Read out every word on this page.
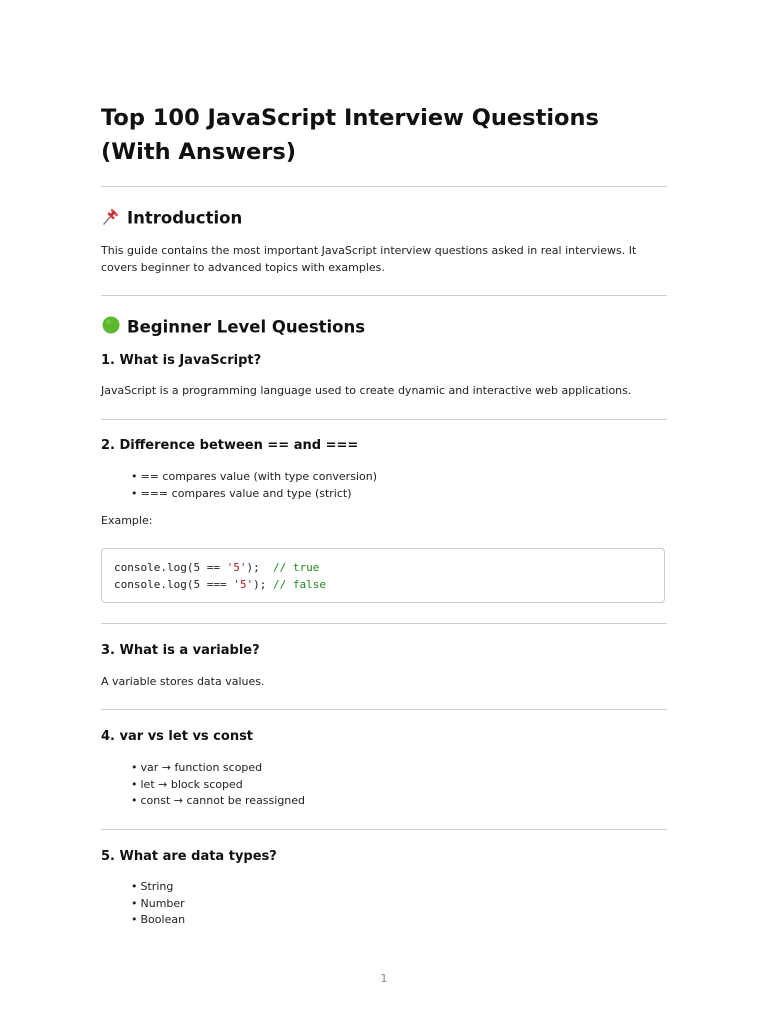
Top 100 JavaScript Interview Questions (With Answers)
Introduction

This guide contains the most important JavaScript interview questions asked in real interviews. It covers beginner to advanced topics with examples.

Beginner Level Questions
1. What is JavaScript?

JavaScript is a programming language used to create dynamic and interactive web applications.

2. Difference between == and ===
• == compares value (with type conversion)
• === compares value and type (strict)

Example:

console.log(5 == '5');  // true
console.log(5 === '5'); // false
3. What is a variable?

A variable stores data values.

4. var vs let vs const
• var → function scoped
• let → block scoped
• const → cannot be reassigned
5. What are data types?
• String
• Number
• Boolean
1
